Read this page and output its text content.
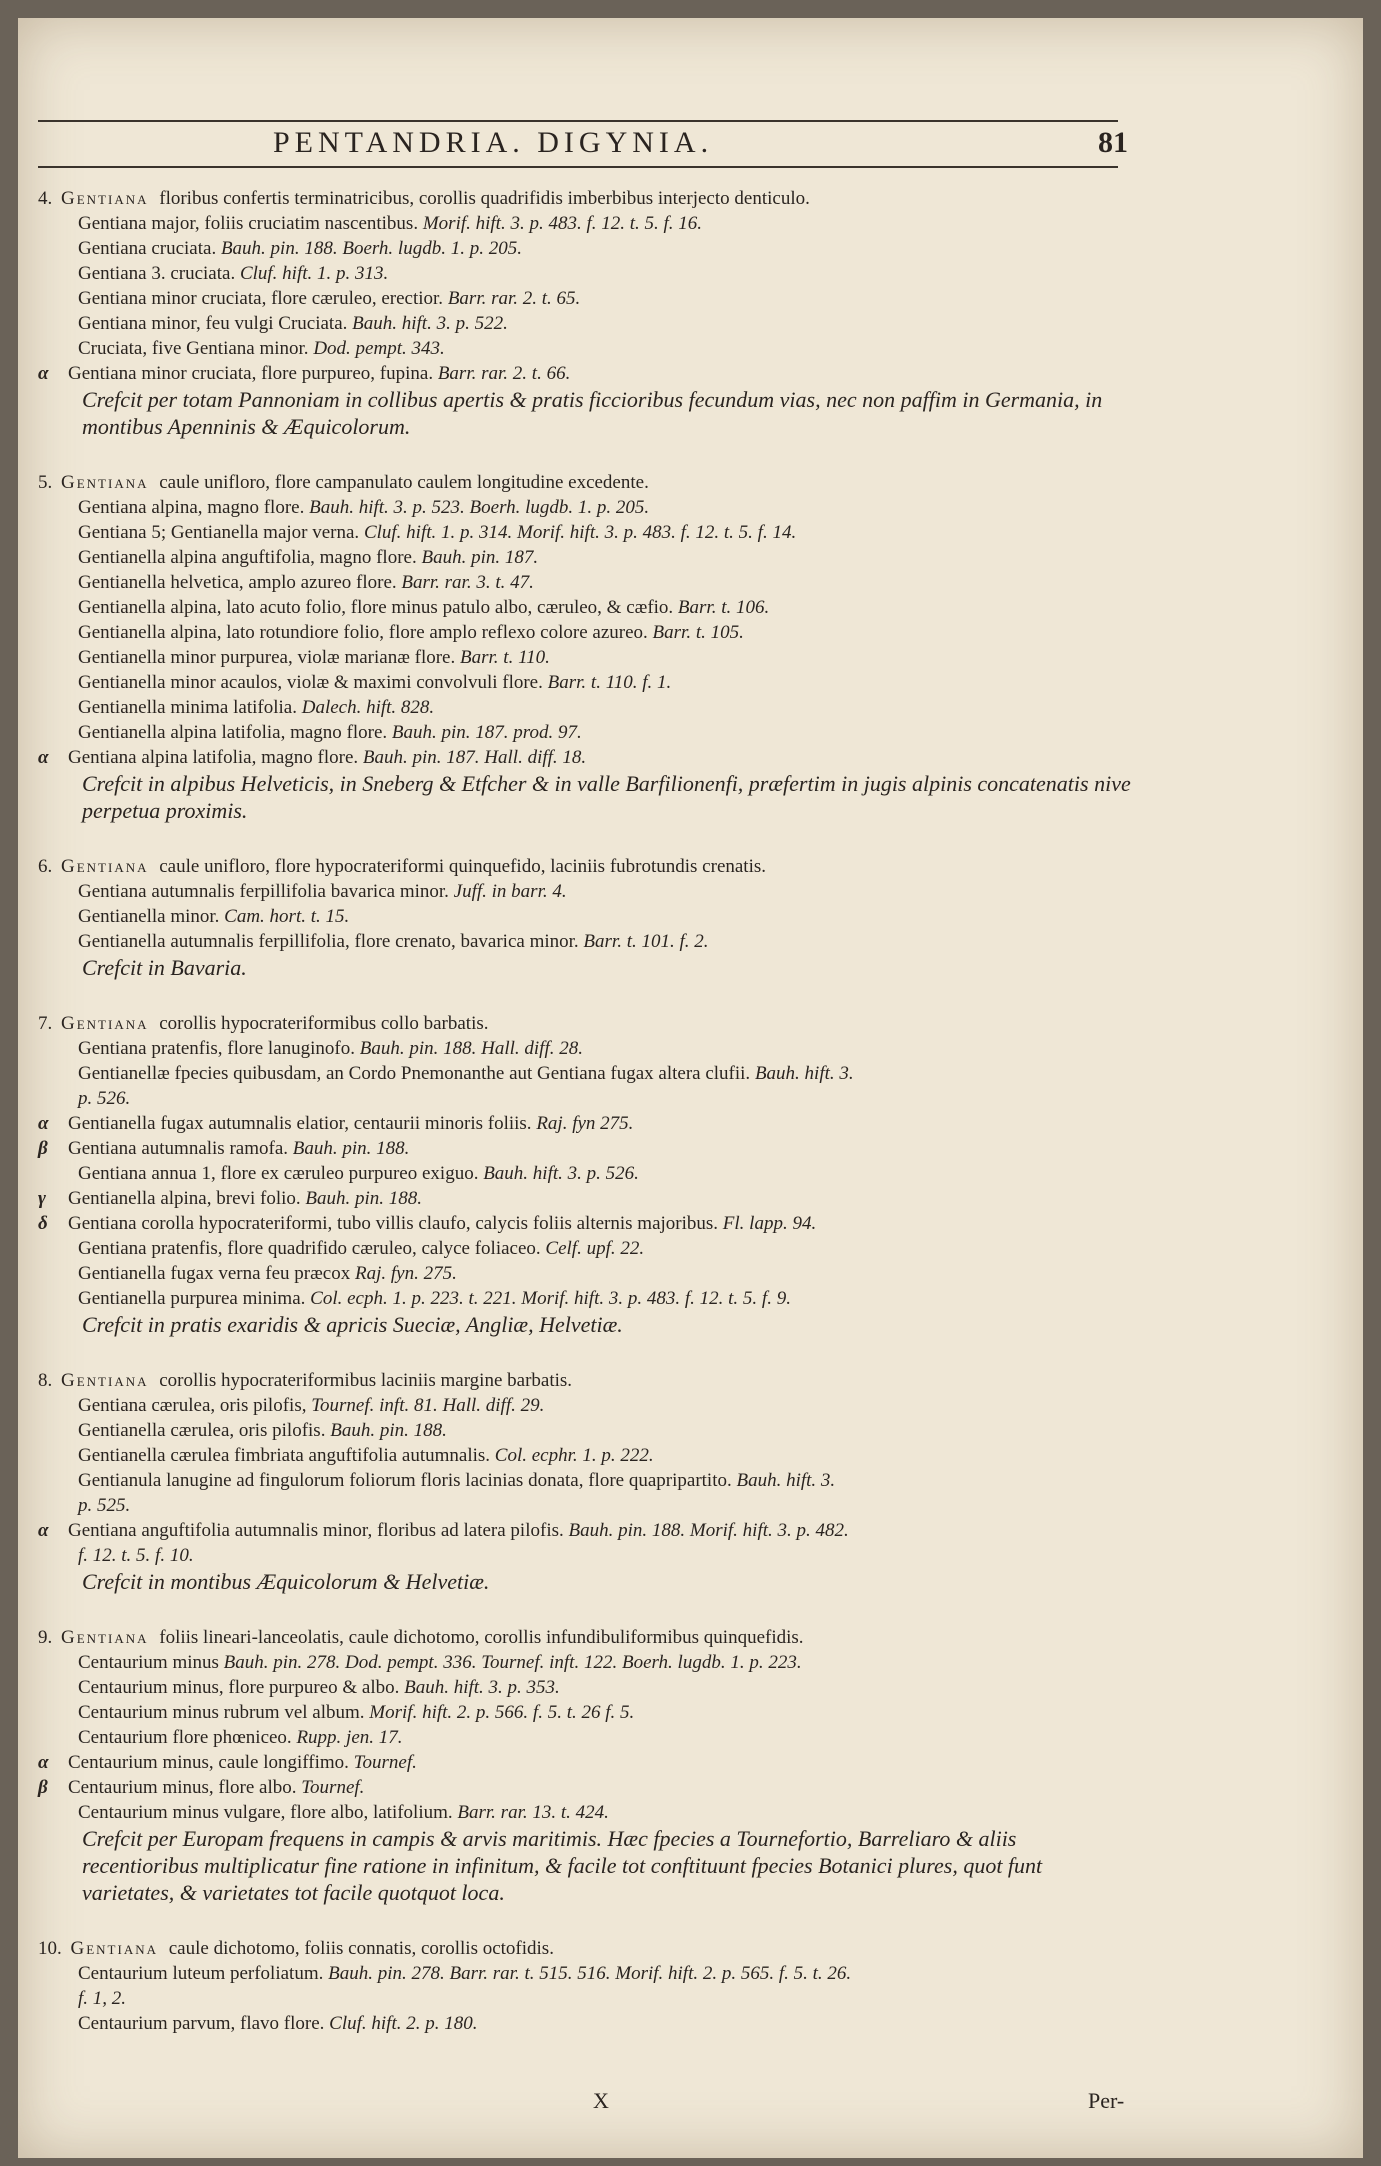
PENTANDRIA. DIGYNIA.	81
4. Gentiana floribus confertis terminatricibus, corollis quadrifidis imberbibus interjecto denticulo.
Gentiana major, foliis cruciatim nascentibus. Morif. hift. 3. p. 483. f. 12. t. 5. f. 16.
Gentiana cruciata. Bauh. pin. 188. Boerh. lugdb. 1. p. 205.
Gentiana 3. cruciata. Cluf. hift. 1. p. 313.
Gentiana minor cruciata, flore cæruleo, erectior. Barr. rar. 2. t. 65.
Gentiana minor, feu vulgi Cruciata. Bauh. hift. 3. p. 522.
Cruciata, five Gentiana minor. Dod. pempt. 343.
α Gentiana minor cruciata, flore purpureo, fupina. Barr. rar. 2. t. 66.
Crefcit per totam Pannoniam in collibus apertis & pratis ficcioribus fecundum vias, nec non paffim in Germania, in montibus Apenninis & Æquicolorum.
5. Gentiana caule unifloro, flore campanulato caulem longitudine excedente.
Gentiana alpina, magno flore. Bauh. hift. 3. p. 523. Boerh. lugdb. 1. p. 205.
Gentiana 5; Gentianella major verna. Cluf. hift. 1. p. 314. Morif. hift. 3. p. 483. f. 12. t. 5. f. 14.
Gentianella alpina anguftifolia, magno flore. Bauh. pin. 187.
Gentianella helvetica, amplo azureo flore. Barr. rar. 3. t. 47.
Gentianella alpina, lato acuto folio, flore minus patulo albo, cæruleo, & cæfio. Barr. t. 106.
Gentianella alpina, lato rotundiore folio, flore amplo reflexo colore azureo. Barr. t. 105.
Gentianella minor purpurea, violæ marianæ flore. Barr. t. 110.
Gentianella minor acaulos, violæ & maximi convolvuli flore. Barr. t. 110. f. 1.
Gentianella minima latifolia. Dalech. hift. 828.
Gentianella alpina latifolia, magno flore. Bauh. pin. 187. prod. 97.
α Gentiana alpina latifolia, magno flore. Bauh. pin. 187. Hall. diff. 18.
Crefcit in alpibus Helveticis, in Sneberg & Etfcher & in valle Barfilionenfi, præfertim in jugis alpinis concatenatis nive perpetua proximis.
6. Gentiana caule unifloro, flore hypocrateriformi quinquefido, laciniis fubrotundis crenatis.
Gentiana autumnalis ferpillifolia bavarica minor. Juff. in barr. 4.
Gentianella minor. Cam. hort. t. 15.
Gentianella autumnalis ferpillifolia, flore crenato, bavarica minor. Barr. t. 101. f. 2.
Crefcit in Bavaria.
7. Gentiana corollis hypocrateriformibus collo barbatis.
Gentiana pratenfis, flore lanuginofo. Bauh. pin. 188. Hall. diff. 28.
Gentianellæ fpecies quibusdam, an Cordo Pnemonanthe aut Gentiana fugax altera clufii. Bauh. hift. 3.
p. 526.
α Gentianella fugax autumnalis elatior, centaurii minoris foliis. Raj. fyn 275.
β Gentiana autumnalis ramofa. Bauh. pin. 188.
Gentiana annua 1, flore ex cæruleo purpureo exiguo. Bauh. hift. 3. p. 526.
γ Gentianella alpina, brevi folio. Bauh. pin. 188.
δ Gentiana corolla hypocrateriformi, tubo villis claufo, calycis foliis alternis majoribus. Fl. lapp. 94.
Gentiana pratenfis, flore quadrifido cæruleo, calyce foliaceo. Celf. upf. 22.
Gentianella fugax verna feu præcox Raj. fyn. 275.
Gentianella purpurea minima. Col. ecph. 1. p. 223. t. 221. Morif. hift. 3. p. 483. f. 12. t. 5. f. 9.
Crefcit in pratis exaridis & apricis Sueciæ, Angliæ, Helvetiæ.
8. Gentiana corollis hypocrateriformibus laciniis margine barbatis.
Gentiana cærulea, oris pilofis, Tournef. inft. 81. Hall. diff. 29.
Gentianella cærulea, oris pilofis. Bauh. pin. 188.
Gentianella cærulea fimbriata anguftifolia autumnalis. Col. ecphr. 1. p. 222.
Gentianula lanugine ad fingulorum foliorum floris lacinias donata, flore quapripartito. Bauh. hift. 3.
p. 525.
α Gentiana anguftifolia autumnalis minor, floribus ad latera pilofis. Bauh. pin. 188. Morif. hift. 3. p. 482.
f. 12. t. 5. f. 10.
Crefcit in montibus Æquicolorum & Helvetiæ.
9. Gentiana foliis lineari-lanceolatis, caule dichotomo, corollis infundibuliformibus quinquefidis.
Centaurium minus Bauh. pin. 278. Dod. pempt. 336. Tournef. inft. 122. Boerh. lugdb. 1. p. 223.
Centaurium minus, flore purpureo & albo. Bauh. hift. 3. p. 353.
Centaurium minus rubrum vel album. Morif. hift. 2. p. 566. f. 5. t. 26 f. 5.
Centaurium flore phœniceo. Rupp. jen. 17.
α Centaurium minus, caule longiffimo. Tournef.
β Centaurium minus, flore albo. Tournef.
Centaurium minus vulgare, flore albo, latifolium. Barr. rar. 13. t. 424.
Crefcit per Europam frequens in campis & arvis maritimis. Hæc fpecies a Tournefortio, Barreliaro & aliis recentioribus multiplicatur fine ratione in infinitum, & facile tot conftituunt fpecies Botanici plures, quot funt varietates, & varietates tot facile quotquot loca.
10. Gentiana caule dichotomo, foliis connatis, corollis octofidis.
Centaurium luteum perfoliatum. Bauh. pin. 278. Barr. rar. t. 515. 516. Morif. hift. 2. p. 565. f. 5. t. 26.
f. 1, 2.
Centaurium parvum, flavo flore. Cluf. hift. 2. p. 180.
X	Per-
